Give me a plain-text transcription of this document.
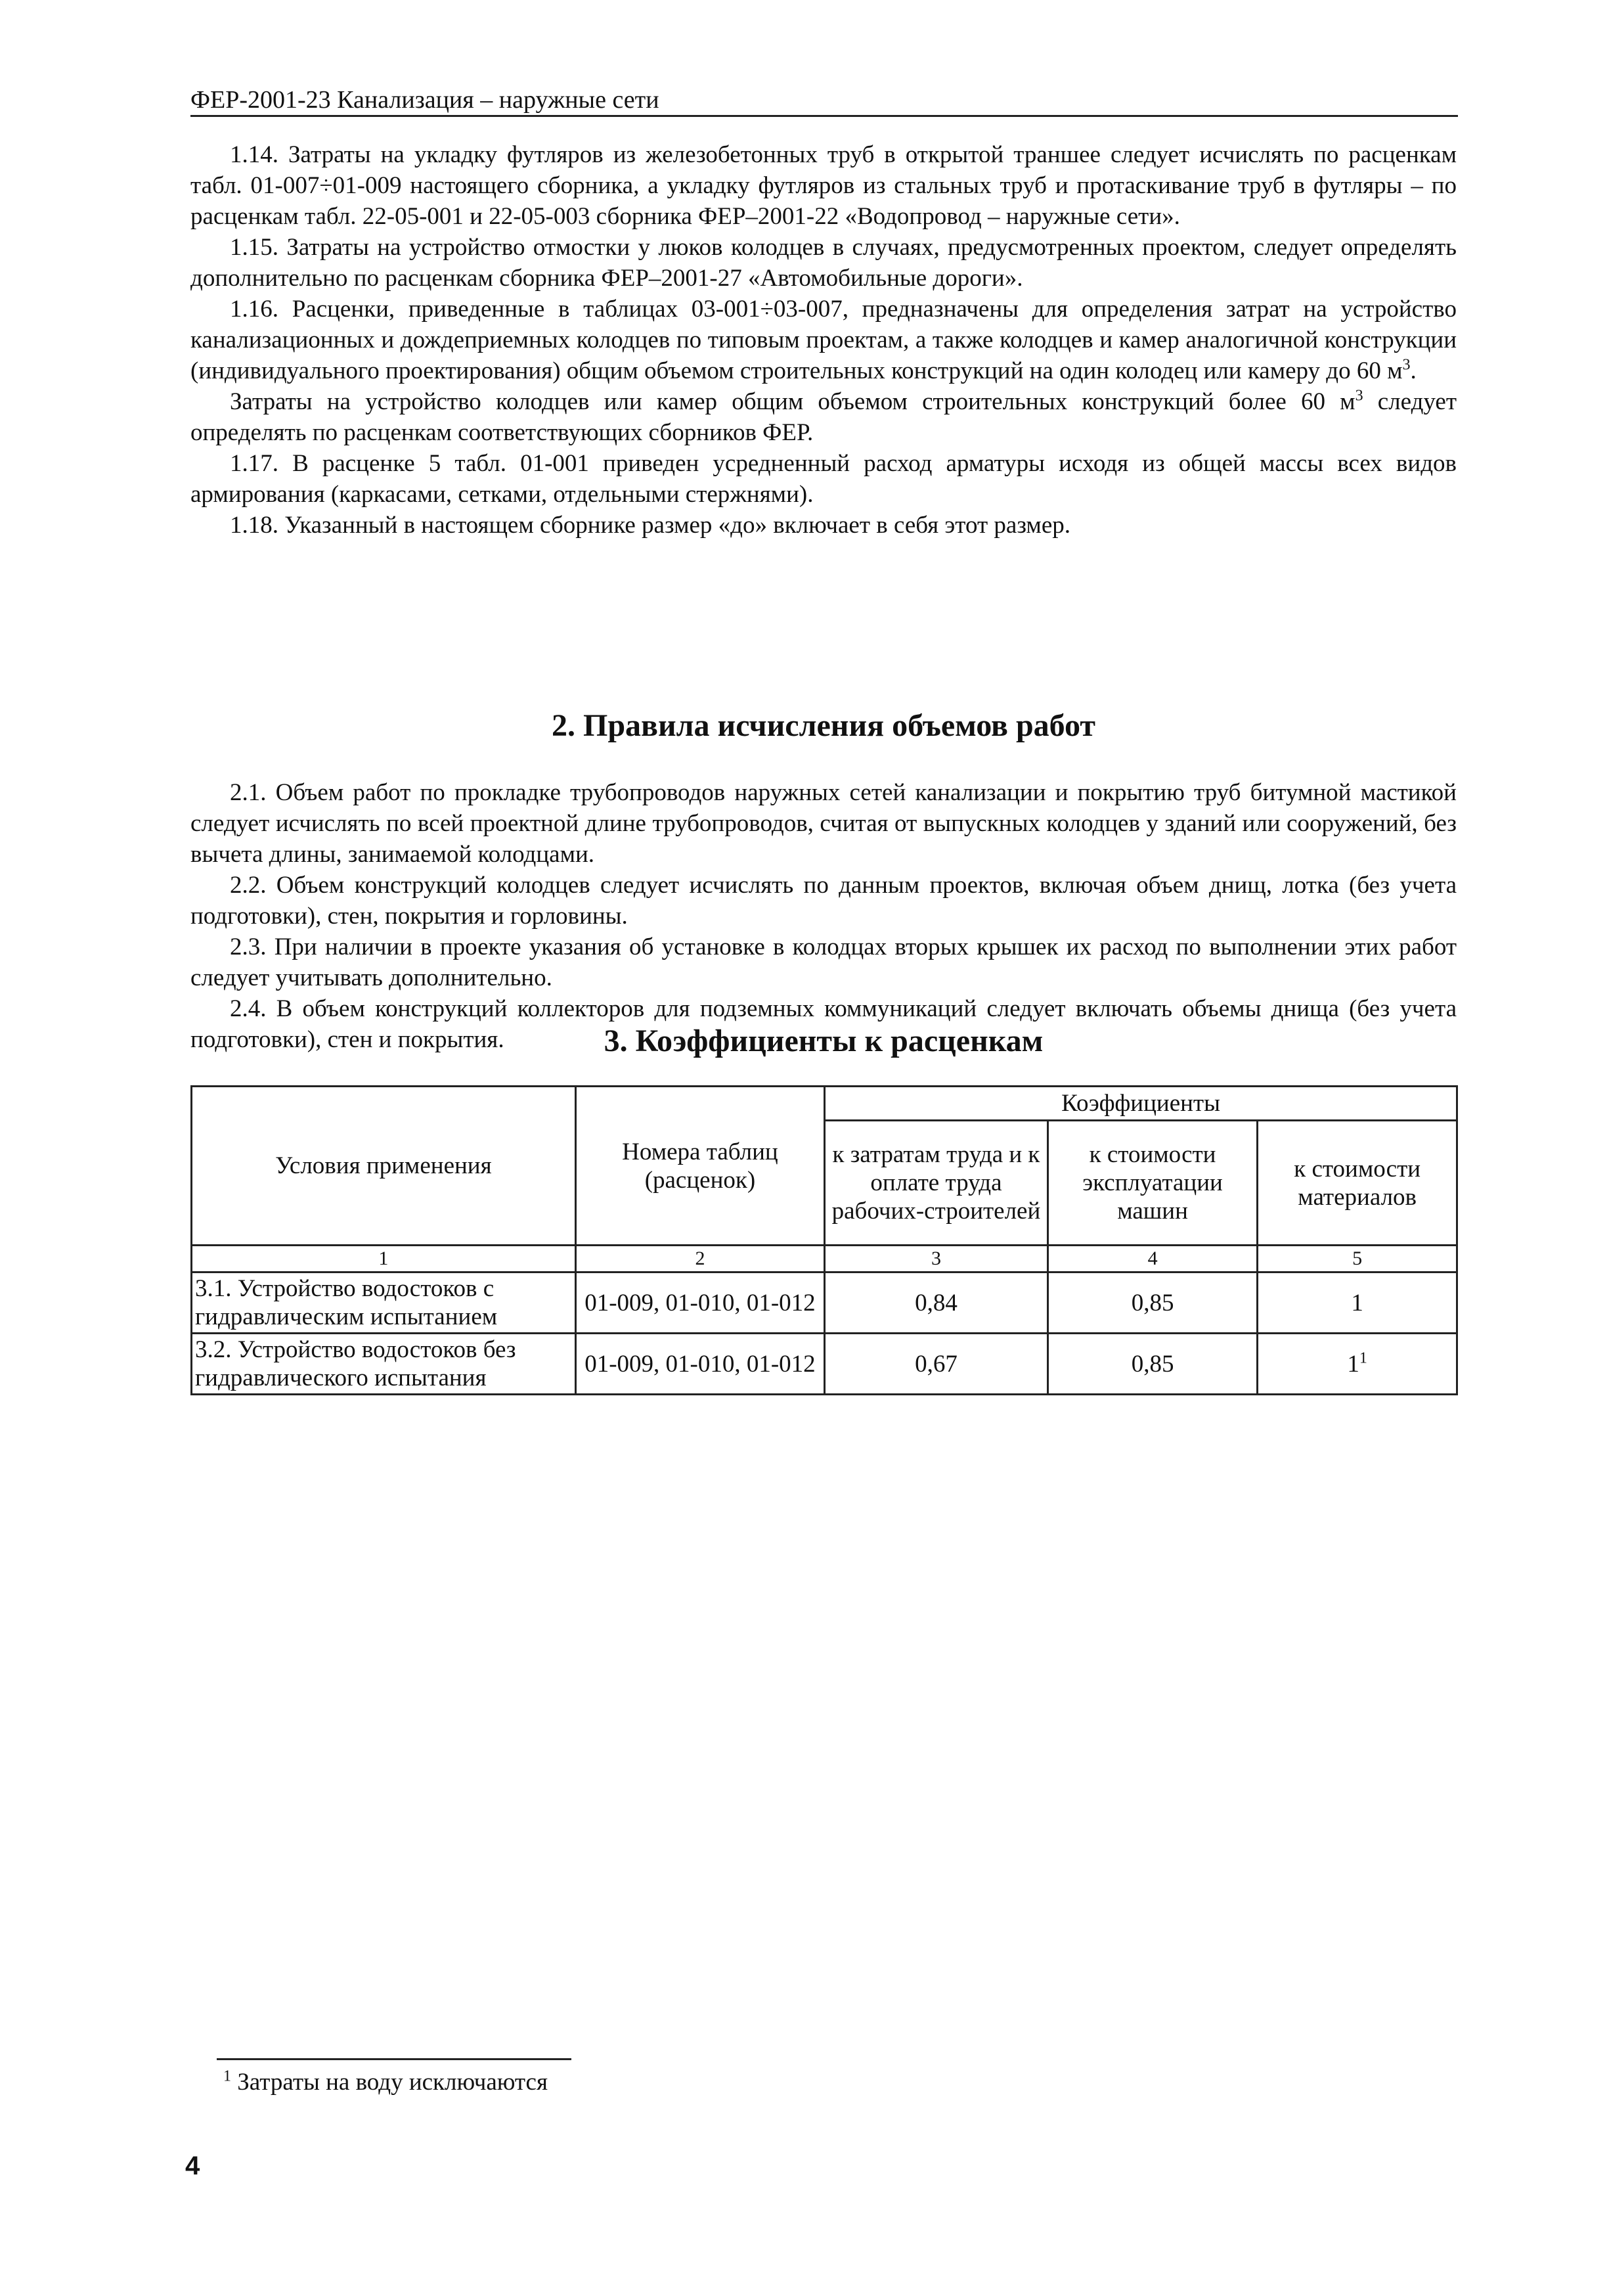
ФЕР-2001-23 Канализация – наружные сети

1.14. Затраты на укладку футляров из железобетонных труб в открытой траншее следует исчислять по расценкам табл. 01-007÷01-009 настоящего сборника, а укладку футляров из стальных труб и протаскивание труб в футляры – по расценкам табл. 22-05-001 и 22-05-003 сборника ФЕР–2001-22 «Водопровод – наружные сети».

1.15. Затраты на устройство отмостки у люков колодцев в случаях, предусмотренных проектом, следует определять дополнительно по расценкам сборника ФЕР–2001-27 «Автомобильные дороги».

1.16. Расценки, приведенные в таблицах 03-001÷03-007, предназначены для определения затрат на устройство канализационных и дождеприемных колодцев по типовым проектам, а также колодцев и камер аналогичной конструкции (индивидуального проектирования) общим объемом строительных конструкций на один колодец или камеру до 60 $м^3$.

Затраты на устройство колодцев или камер общим объемом строительных конструкций более 60 $м^3$ следует определять по расценкам соответствующих сборников ФЕР.

1.17. В расценке 5 табл. 01-001 приведен усредненный расход арматуры исходя из общей массы всех видов армирования (каркасами, сетками, отдельными стержнями).

1.18. Указанный в настоящем сборнике размер «до» включает в себя этот размер.

2. Правила исчисления объемов работ

2.1. Объем работ по прокладке трубопроводов наружных сетей канализации и покрытию труб битумной мастикой следует исчислять по всей проектной длине трубопроводов, считая от выпускных колодцев у зданий или сооружений, без вычета длины, занимаемой колодцами.

2.2. Объем конструкций колодцев следует исчислять по данным проектов, включая объем днищ, лотка (без учета подготовки), стен, покрытия и горловины.

2.3. При наличии в проекте указания об установке в колодцах вторых крышек их расход по выполнении этих работ следует учитывать дополнительно.

2.4. В объем конструкций коллекторов для подземных коммуникаций следует включать объемы днища (без учета подготовки), стен и покрытия.	3. Коэффициенты к расценкам
Условия применения	Номера таблиц (расценок)	Коэффициенты		
		к затратам труда и к оплате труда рабочих-строителей	к стоимости эксплуатации машин	к стоимости материалов
1	2	3	4	5
3.1. Устройство водостоков с гидравлическим испытанием	01-009, 01-010, 01-012	0,84	0,85	1
3.2. Устройство водостоков без гидравлического испытания	01-009, 01-010, 01-012	0,67	0,85	$1^1$
$^1$ Затраты на воду исключаются
4
